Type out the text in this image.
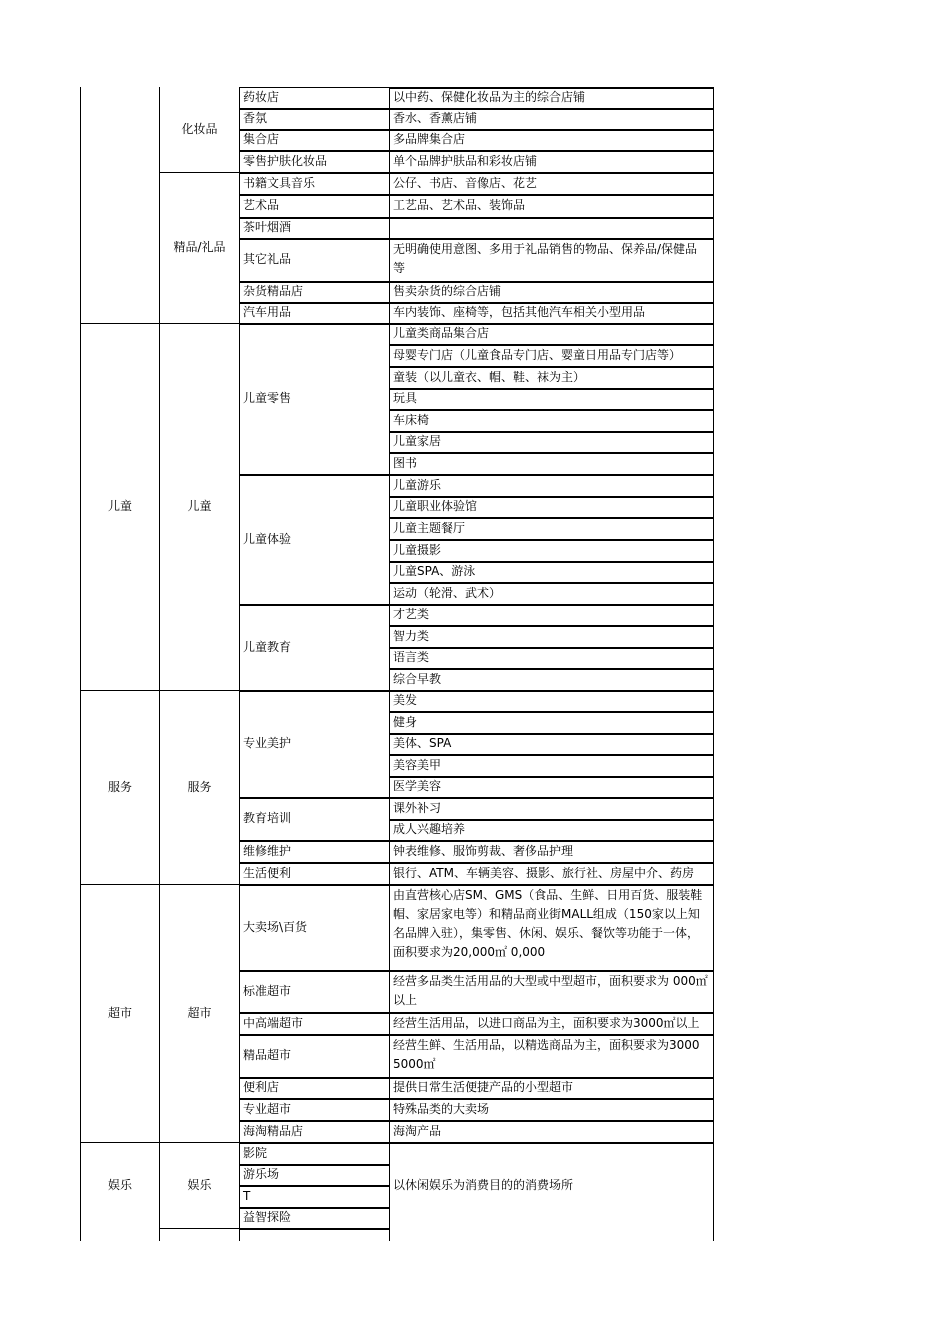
以中药、保健化妆品为主的综合店铺
药妆店
香水、香薰店铺
香氛
多品牌集合店
集合店
单个品牌护肤品和彩妆店铺
零售护肤化妆品
化妆品
公仔、书店、音像店、花艺
书籍文具音乐
工艺品、艺术品、装饰品
艺术品
茶叶烟酒
无明确使用意图、多用于礼品销售的物品、保养品/保健品等
其它礼品
售卖杂货的综合店铺
杂货精品店
车内装饰、座椅等，包括其他汽车相关小型用品
汽车用品
精品/礼品
儿童类商品集合店
母婴专门店（儿童食品专门店、婴童日用品专门店等）
童装（以儿童衣、帽、鞋、袜为主）
玩具
车床椅
儿童家居
图书
儿童零售
儿童游乐
儿童职业体验馆
儿童主题餐厅
儿童摄影
儿童SPA、游泳
运动（轮滑、武术）
儿童体验
才艺类
智力类
语言类
综合早教
儿童教育
儿童
儿童
美发
健身
美体、SPA
美容美甲
医学美容
专业美护
课外补习
成人兴趣培养
教育培训
钟表维修、服饰剪裁、奢侈品护理
维修维护
银行、ATM、车辆美容、摄影、旅行社、房屋中介、药房
生活便利
服务
服务
由直营核心店SM、GMS（食品、生鲜、日用百货、服装鞋帽、家居家电等）和精品商业街MALL组成（150家以上知名品牌入驻），集零售、休闲、娱乐、餐饮等功能于一体，面积要求为20,000㎡ 0,000
大卖场\百货
经营多品类生活用品的大型或中型超市，面积要求为 000㎡以上
标准超市
经营生活用品，以进口商品为主，面积要求为3000㎡以上
中高端超市
经营生鲜、生活用品，以精选商品为主，面积要求为3000 5000㎡
精品超市
提供日常生活便捷产品的小型超市
便利店
特殊品类的大卖场
专业超市
海淘产品
海淘精品店
超市
超市
影院
游乐场
T
益智探险
以休闲娱乐为消费目的的消费场所
娱乐
娱乐
